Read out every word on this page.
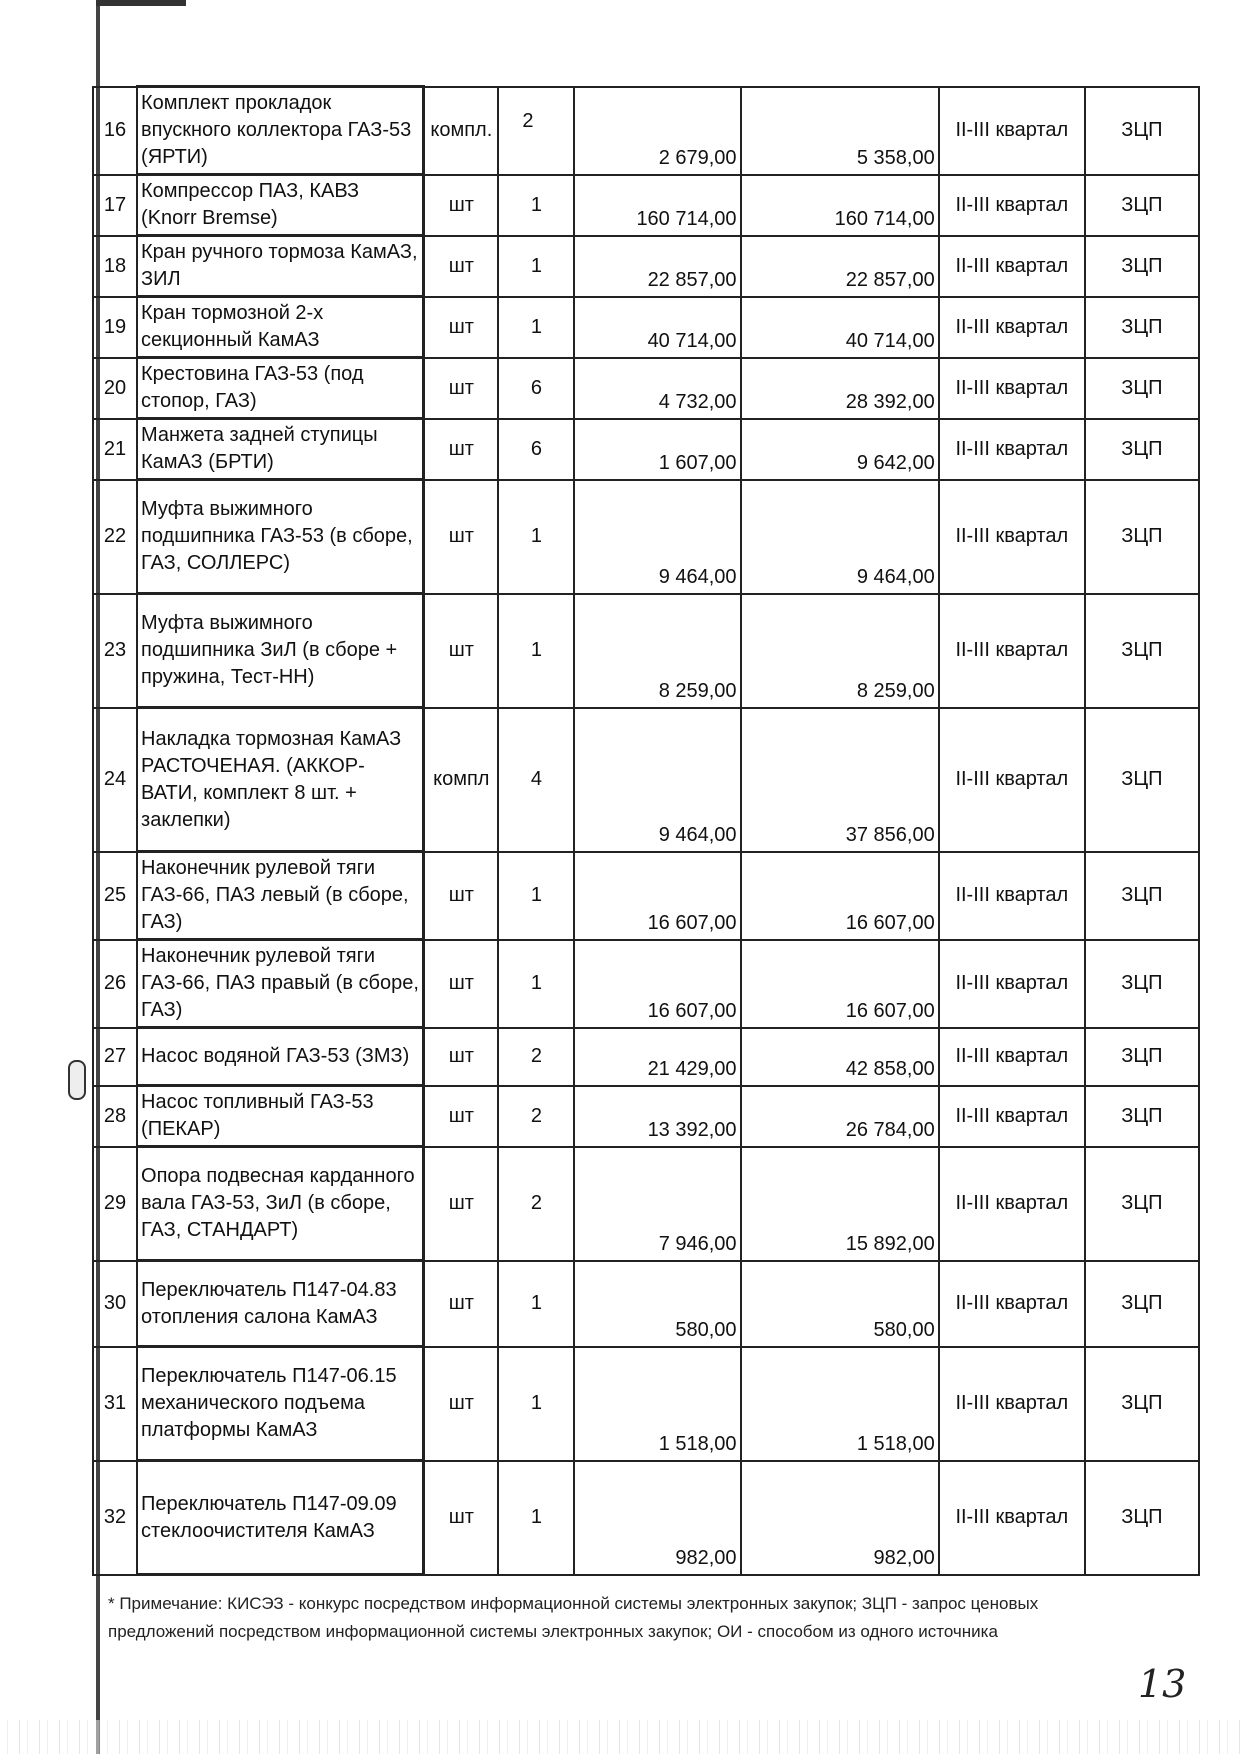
16	Комплект прокладок впускного коллектора ГАЗ-53 (ЯРТИ)	компл.	2	2 679,00	5 358,00	II-III квартал	ЗЦП
17	Компрессор ПАЗ, КАВЗ (Knorr Bremse)	шт	1	160 714,00	160 714,00	II-III квартал	ЗЦП
18	Кран ручного тормоза КамАЗ, ЗИЛ	шт	1	22 857,00	22 857,00	II-III квартал	ЗЦП
19	Кран тормозной 2-х секционный КамАЗ	шт	1	40 714,00	40 714,00	II-III квартал	ЗЦП
20	Крестовина ГАЗ-53 (под стопор, ГАЗ)	шт	6	4 732,00	28 392,00	II-III квартал	ЗЦП
21	Манжета задней ступицы КамАЗ (БРТИ)	шт	6	1 607,00	9 642,00	II-III квартал	ЗЦП
22	Муфта выжимного подшипника ГАЗ-53 (в сборе, ГАЗ, СОЛЛЕРС)	шт	1	9 464,00	9 464,00	II-III квартал	ЗЦП
23	Муфта выжимного подшипника ЗиЛ (в сборе + пружина, Тест-НН)	шт	1	8 259,00	8 259,00	II-III квартал	ЗЦП
24	Накладка тормозная КамАЗ РАСТОЧЕНАЯ. (АККОР-ВАТИ, комплект 8 шт. + заклепки)	компл	4	9 464,00	37 856,00	II-III квартал	ЗЦП
25	Наконечник рулевой тяги ГАЗ-66, ПАЗ левый (в сборе, ГАЗ)	шт	1	16 607,00	16 607,00	II-III квартал	ЗЦП
26	Наконечник рулевой тяги ГАЗ-66, ПАЗ правый (в сборе, ГАЗ)	шт	1	16 607,00	16 607,00	II-III квартал	ЗЦП
27	Насос водяной ГАЗ-53 (ЗМЗ)	шт	2	21 429,00	42 858,00	II-III квартал	ЗЦП
28	Насос топливный ГАЗ-53 (ПЕКАР)	шт	2	13 392,00	26 784,00	II-III квартал	ЗЦП
29	Опора подвесная карданного вала ГАЗ-53, ЗиЛ (в сборе, ГАЗ, СТАНДАРТ)	шт	2	7 946,00	15 892,00	II-III квартал	ЗЦП
30	Переключатель П147-04.83 отопления салона КамАЗ	шт	1	580,00	580,00	II-III квартал	ЗЦП
31	Переключатель П147-06.15 механического подъема платформы КамАЗ	шт	1	1 518,00	1 518,00	II-III квартал	ЗЦП
32	Переключатель П147-09.09 стеклоочистителя КамАЗ	шт	1	982,00	982,00	II-III квартал	ЗЦП
* Примечание: КИСЭЗ - конкурс посредством информационной системы электронных закупок; ЗЦП - запрос ценовых предложений посредством информационной системы электронных закупок; ОИ - способом из одного источника
13
